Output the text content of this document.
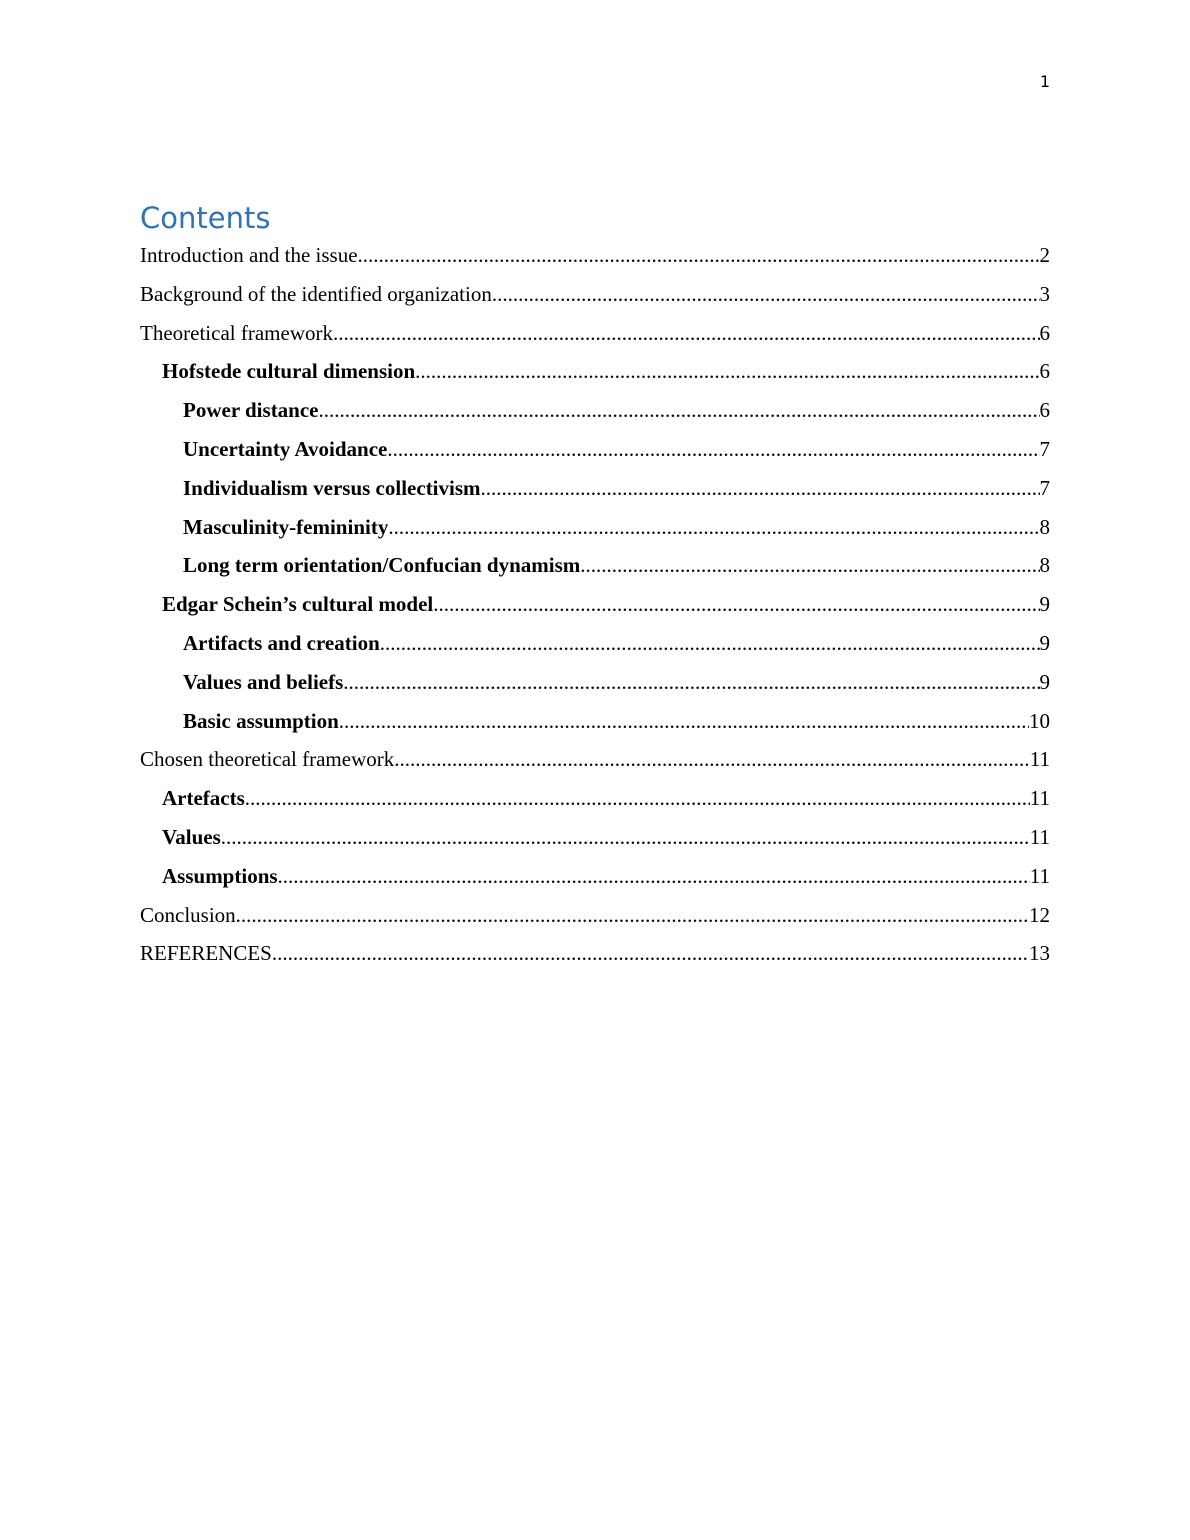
1
Contents
Introduction and the issue .....	2
Background of the identified organization .....	3
Theoretical framework .....	6
Hofstede cultural dimension .....	6
Power distance .....	6
Uncertainty Avoidance .....	7
Individualism versus collectivism .....	7
Masculinity-femininity .....	8
Long term orientation/Confucian dynamism .....	8
Edgar Schein’s cultural model .....	9
Artifacts and creation .....	9
Values and beliefs .....	9
Basic assumption .....	10
Chosen theoretical framework .....	11
Artefacts .....	11
Values .....	11
Assumptions .....	11
Conclusion .....	12
REFERENCES .....	13
